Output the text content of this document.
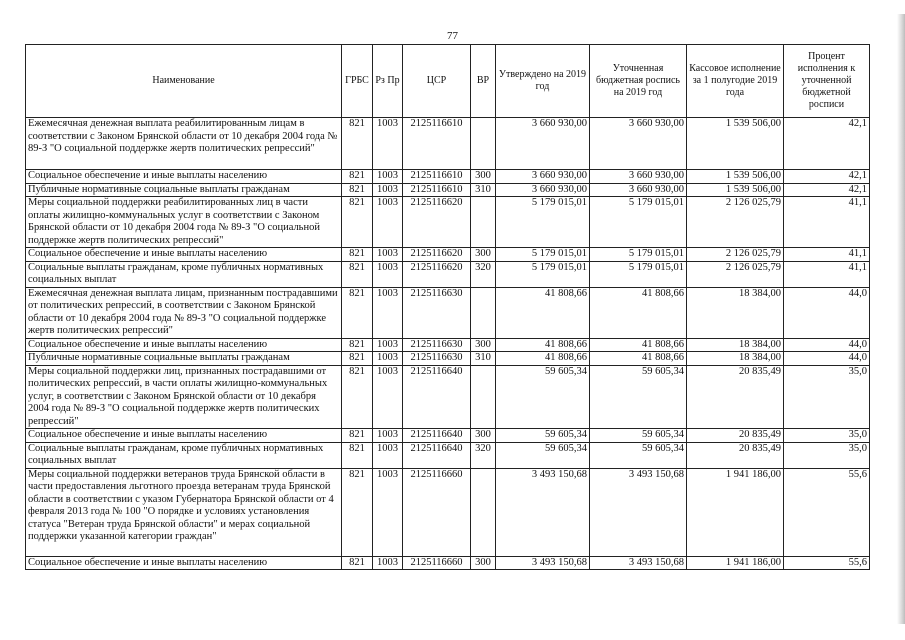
77
Наименование	ГРБС	Рз Пр	ЦСР	ВР	Утверждено на 2019 год	Уточненная бюджетная роспись на 2019 год	Кассовое исполнение за 1 полугодие 2019 года	Процент исполнения к уточненной бюджетной росписи
Ежемесячная денежная выплата реабилитированным лицам в соответствии с Законом Брянской области от 10 декабря 2004 года № 89-З "О социальной поддержке жертв политических репрессий"	821	1003	2125116610		3 660 930,00	3 660 930,00	1 539 506,00	42,1
Социальное обеспечение и иные выплаты населению	821	1003	2125116610	300	3 660 930,00	3 660 930,00	1 539 506,00	42,1
Публичные нормативные социальные выплаты гражданам	821	1003	2125116610	310	3 660 930,00	3 660 930,00	1 539 506,00	42,1
Меры социальной поддержки реабилитированных лиц в части оплаты жилищно-коммунальных услуг в соответствии с Законом Брянской области от 10 декабря 2004 года № 89-З "О социальной поддержке жертв политических репрессий"	821	1003	2125116620		5 179 015,01	5 179 015,01	2 126 025,79	41,1
Социальное обеспечение и иные выплаты населению	821	1003	2125116620	300	5 179 015,01	5 179 015,01	2 126 025,79	41,1
Социальные выплаты гражданам, кроме публичных нормативных социальных выплат	821	1003	2125116620	320	5 179 015,01	5 179 015,01	2 126 025,79	41,1
Ежемесячная денежная выплата лицам, признанным пострадавшими от политических репрессий, в соответствии с Законом Брянской области от 10 декабря 2004 года № 89-З "О социальной поддержке жертв политических репрессий"	821	1003	2125116630		41 808,66	41 808,66	18 384,00	44,0
Социальное обеспечение и иные выплаты населению	821	1003	2125116630	300	41 808,66	41 808,66	18 384,00	44,0
Публичные нормативные социальные выплаты гражданам	821	1003	2125116630	310	41 808,66	41 808,66	18 384,00	44,0
Меры социальной поддержки лиц, признанных пострадавшими от политических репрессий, в части оплаты жилищно-коммунальных услуг, в соответствии с Законом Брянской области от 10 декабря 2004 года № 89-З "О социальной поддержке жертв политических репрессий"	821	1003	2125116640		59 605,34	59 605,34	20 835,49	35,0
Социальное обеспечение и иные выплаты населению	821	1003	2125116640	300	59 605,34	59 605,34	20 835,49	35,0
Социальные выплаты гражданам, кроме публичных нормативных социальных выплат	821	1003	2125116640	320	59 605,34	59 605,34	20 835,49	35,0
Меры социальной поддержки ветеранов труда Брянской области в части предоставления льготного проезда ветеранам труда Брянской области в соответствии с указом Губернатора Брянской области от 4 февраля 2013 года № 100 "О порядке и условиях установления статуса "Ветеран труда Брянской области" и мерах социальной поддержки указанной категории граждан"	821	1003	2125116660		3 493 150,68	3 493 150,68	1 941 186,00	55,6
Социальное обеспечение и иные выплаты населению	821	1003	2125116660	300	3 493 150,68	3 493 150,68	1 941 186,00	55,6
